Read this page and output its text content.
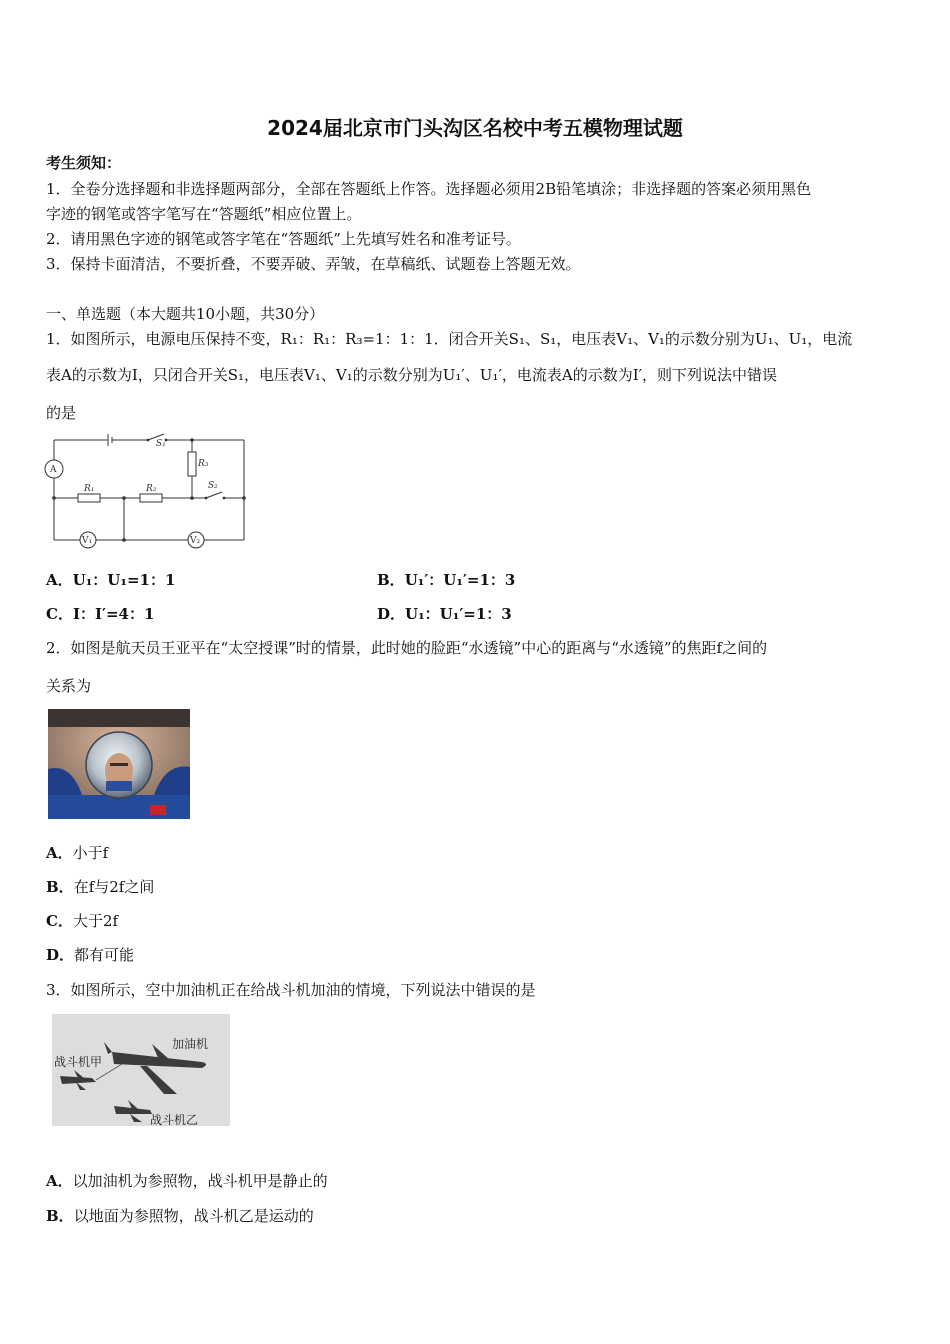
2024届北京市门头沟区名校中考五模物理试题
考生须知：
1．全卷分选择题和非选择题两部分，全部在答题纸上作答。选择题必须用2B铅笔填涂；非选择题的答案必须用黑色
字迹的钢笔或答字笔写在“答题纸”相应位置上。
2．请用黑色字迹的钢笔或答字笔在“答题纸”上先填写姓名和准考证号。
3．保持卡面清洁，不要折叠，不要弄破、弄皱，在草稿纸、试题卷上答题无效。
一、单选题（本大题共10小题，共30分）
1．如图所示，电源电压保持不变，R₁：R₁：R₃=1：1：1．闭合开关S₁、S₁，电压表V₁、V₁的示数分别为U₁、U₁，电流
表A的示数为I，只闭合开关S₁，电压表V₁、V₁的示数分别为U₁′、U₁′，电流表A的示数为I′，则下列说法中错误
的是
A
R₁	R₂
R₃
S₁
S₂
V₁	V₂
A．U₁：U₁=1：1	B．U₁′：U₁′=1：3
C．I：I′=4：1	D．U₁：U₁′=1：3
2．如图是航天员王亚平在“太空授课”时的情景，此时她的脸距“水透镜”中心的距离与“水透镜”的焦距f之间的
关系为
A．小于f
B．在f与2f之间
C．大于2f
D．都有可能
3．如图所示，空中加油机正在给战斗机加油的情境，下列说法中错误的是
加油机
战斗机甲
战斗机乙
A．以加油机为参照物，战斗机甲是静止的
B．以地面为参照物，战斗机乙是运动的
